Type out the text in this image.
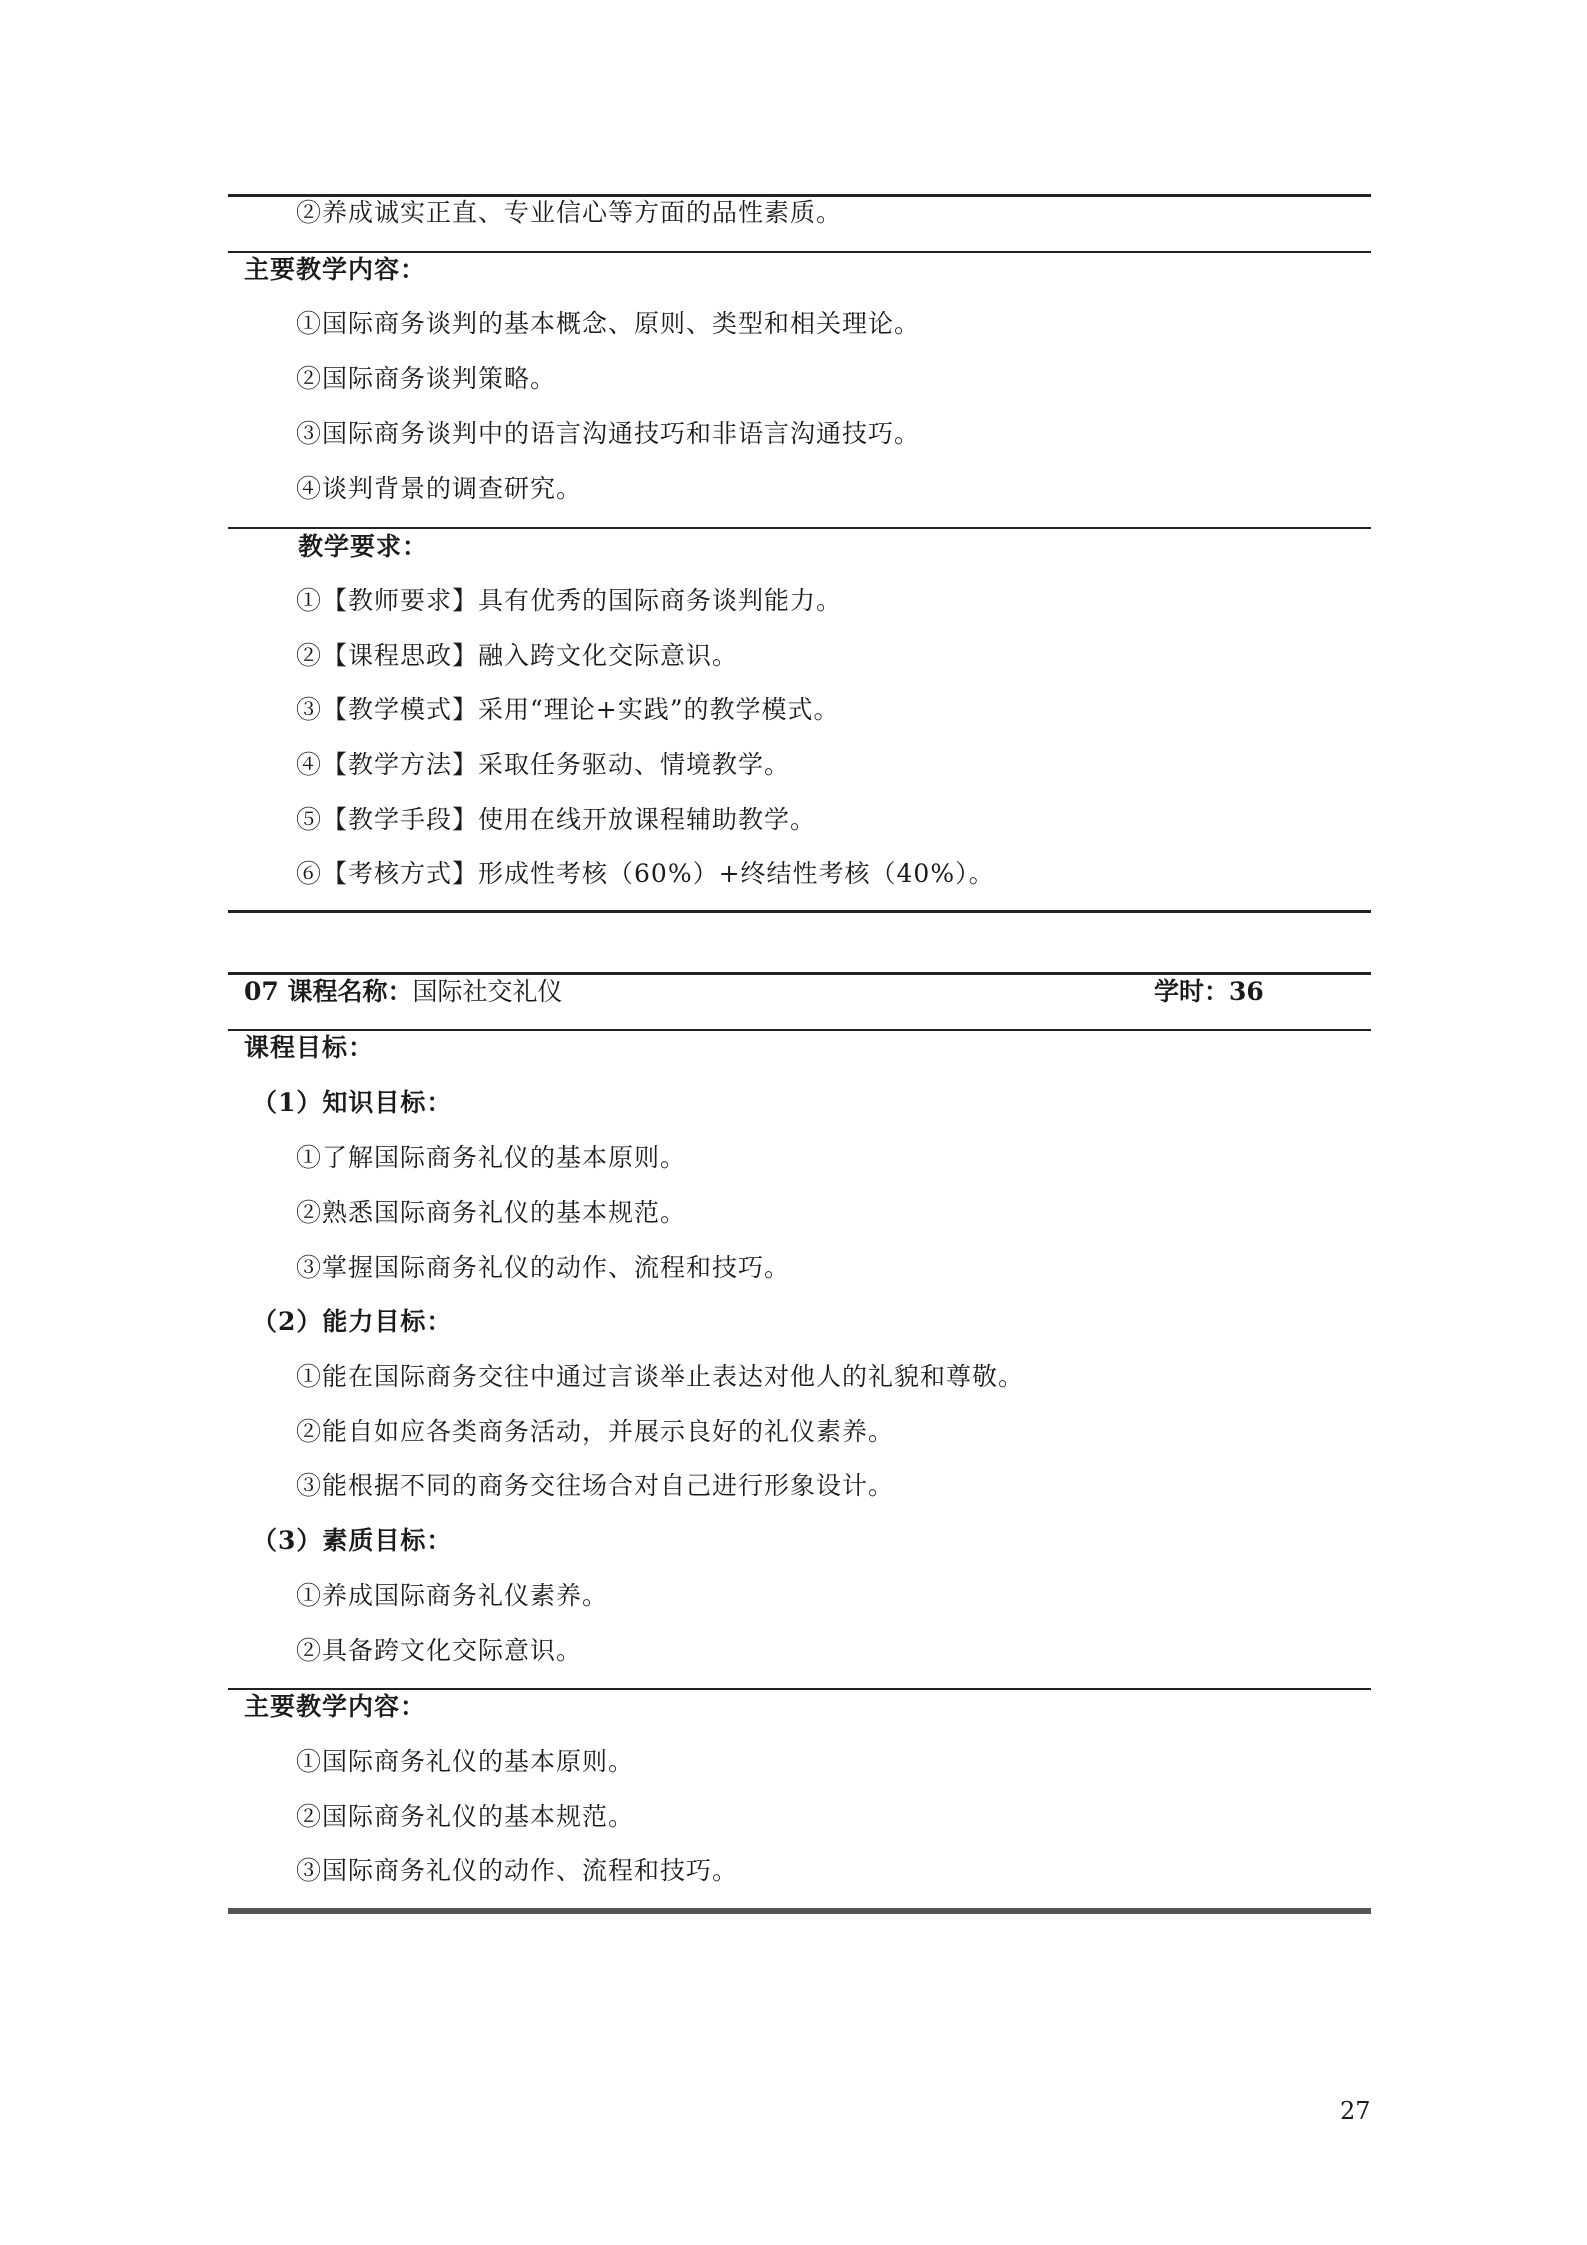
②养成诚实正直、专业信心等方面的品性素质。
主要教学内容：
①国际商务谈判的基本概念、原则、类型和相关理论。
②国际商务谈判策略。
③国际商务谈判中的语言沟通技巧和非语言沟通技巧。
④谈判背景的调查研究。
教学要求：
①【教师要求】具有优秀的国际商务谈判能力。
②【课程思政】融入跨文化交际意识。
③【教学模式】采用“理论+实践”的教学模式。
④【教学方法】采取任务驱动、情境教学。
⑤【教学手段】使用在线开放课程辅助教学。
⑥【考核方式】形成性考核（60%）+终结性考核（40%）。
07 课程名称：国际社交礼仪	学时：36
课程目标：
（1）知识目标：
①了解国际商务礼仪的基本原则。
②熟悉国际商务礼仪的基本规范。
③掌握国际商务礼仪的动作、流程和技巧。
（2）能力目标：
①能在国际商务交往中通过言谈举止表达对他人的礼貌和尊敬。
②能自如应各类商务活动，并展示良好的礼仪素养。
③能根据不同的商务交往场合对自己进行形象设计。
（3）素质目标：
①养成国际商务礼仪素养。
②具备跨文化交际意识。
主要教学内容：
①国际商务礼仪的基本原则。
②国际商务礼仪的基本规范。
③国际商务礼仪的动作、流程和技巧。
27
